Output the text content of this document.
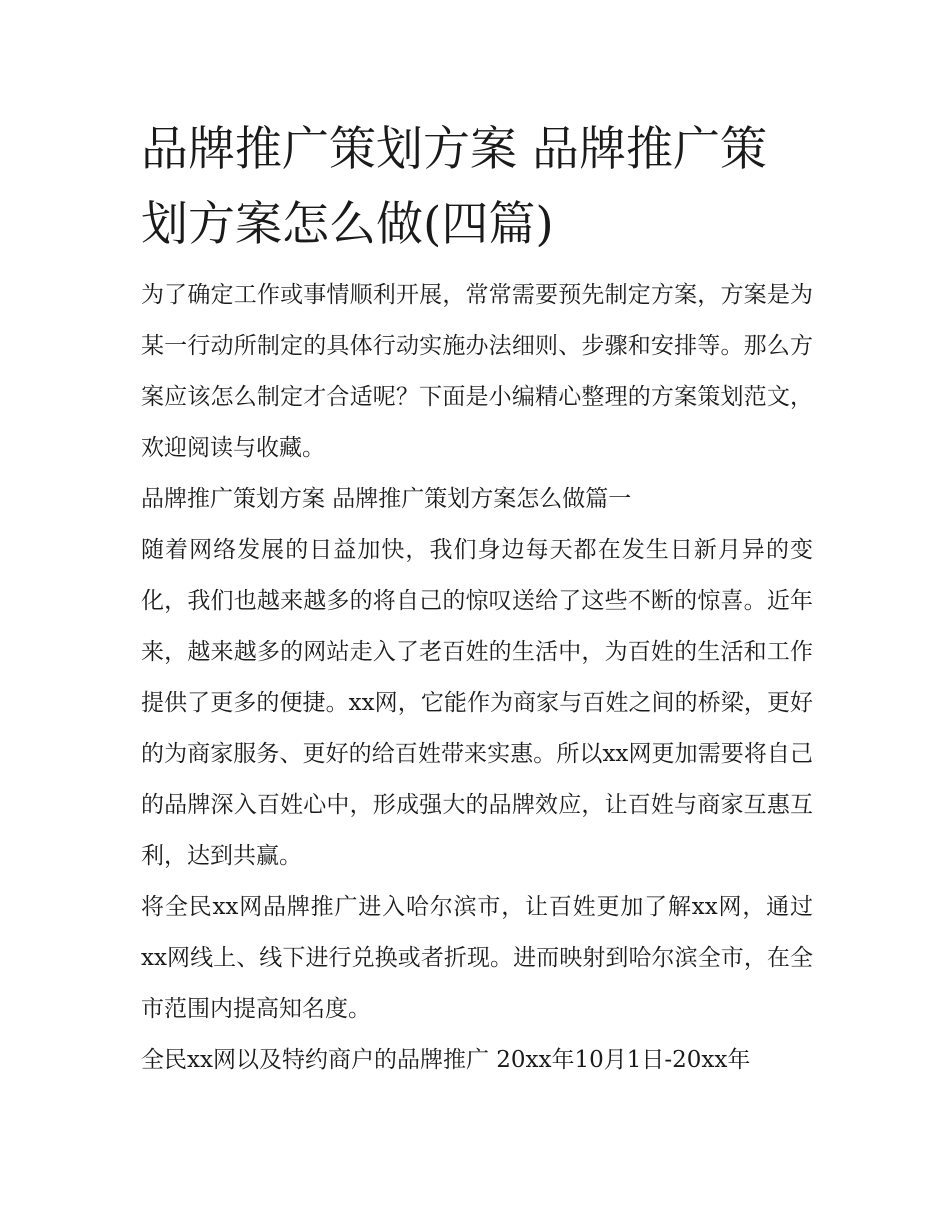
品牌推广策划方案 品牌推广策划方案怎么做(四篇)

为了确定工作或事情顺利开展，常常需要预先制定方案，方案是为某一行动所制定的具体行动实施办法细则、步骤和安排等。那么方案应该怎么制定才合适呢？下面是小编精心整理的方案策划范文，欢迎阅读与收藏。

品牌推广策划方案 品牌推广策划方案怎么做篇一

随着网络发展的日益加快，我们身边每天都在发生日新月异的变化，我们也越来越多的将自己的惊叹送给了这些不断的惊喜。近年来，越来越多的网站走入了老百姓的生活中，为百姓的生活和工作提供了更多的便捷。xx网，它能作为商家与百姓之间的桥梁，更好的为商家服务、更好的给百姓带来实惠。所以xx网更加需要将自己的品牌深入百姓心中，形成强大的品牌效应，让百姓与商家互惠互利，达到共赢。

将全民xx网品牌推广进入哈尔滨市，让百姓更加了解xx网，通过xx网线上、线下进行兑换或者折现。进而映射到哈尔滨全市，在全市范围内提高知名度。

全民xx网以及特约商户的品牌推广 20xx年10月1日-20xx年
